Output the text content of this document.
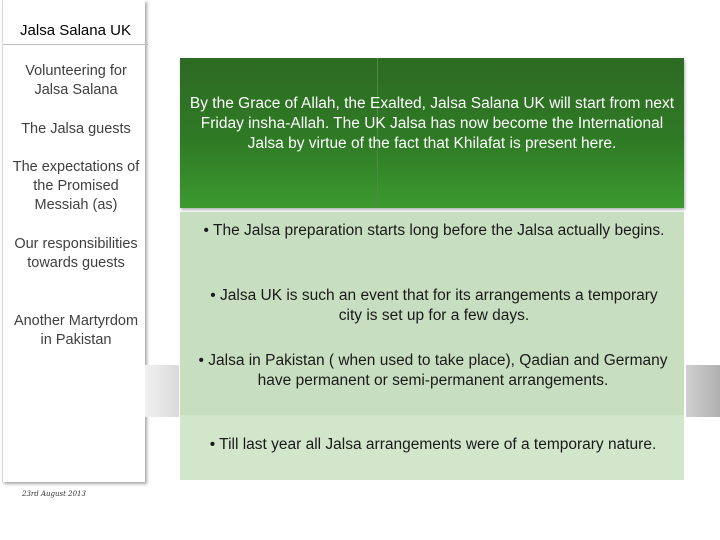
Jalsa Salana UK
Volunteering for Jalsa Salana
The Jalsa guests
The expectations of the Promised Messiah (as)
Our responsibilities towards guests
Another Martyrdom in Pakistan
23rd August 2013
By the Grace of Allah, the Exalted, Jalsa Salana UK will start from next Friday insha-Allah. The UK Jalsa has now become the International Jalsa by virtue of the fact that Khilafat is present here.
• The Jalsa preparation starts long before the Jalsa actually begins.
• Jalsa UK is such an event that for its arrangements a temporary city is set up for a few days.
• Jalsa in Pakistan ( when used to take place), Qadian and Germany have permanent or semi-permanent arrangements.
• Till last year all Jalsa arrangements were of a temporary nature.
